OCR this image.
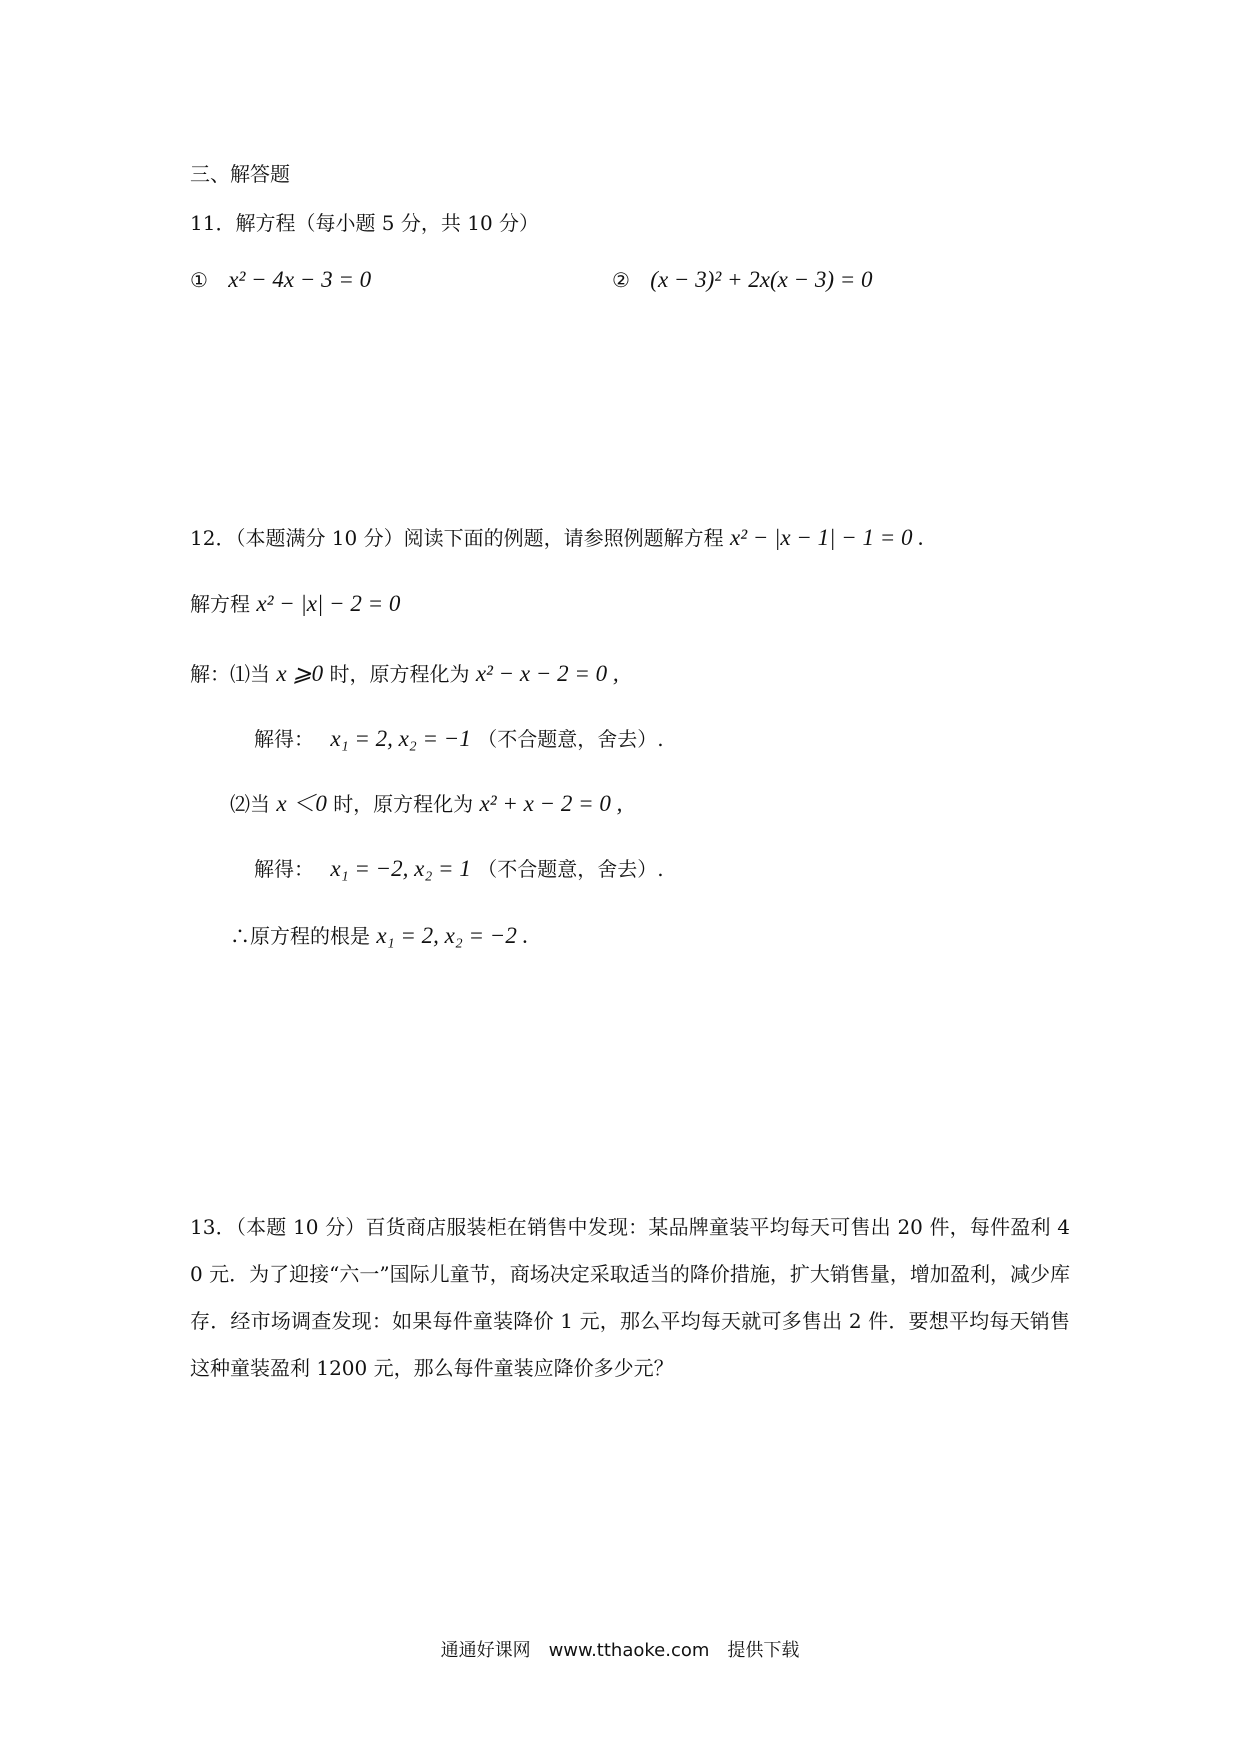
三、解答题
11．解方程（每小题 5 分，共 10 分）
① x² − 4x − 3 = 0	② (x − 3)² + 2x(x − 3) = 0
12．（本题满分 10 分）阅读下面的例题，请参照例题解方程 x² − |x − 1| − 1 = 0 .
解方程 x² − |x| − 2 = 0
解：⑴当 x ⩾0 时，原方程化为 x² − x − 2 = 0 ,
解得： x₁ = 2, x₂ = −1 （不合题意，舍去）.
⑵当 x ＜0 时，原方程化为 x² + x − 2 = 0 ,
解得： x₁ = −2, x₂ = 1 （不合题意，舍去）.
∴原方程的根是 x₁ = 2, x₂ = −2 .
13．（本题 10 分）百货商店服装柜在销售中发现：某品牌童装平均每天可售出 20 件，每件盈利 40 元．为了迎接“六一”国际儿童节，商场决定采取适当的降价措施，扩大销售量，增加盈利，减少库存．经市场调查发现：如果每件童装降价 1 元，那么平均每天就可多售出 2 件．要想平均每天销售这种童装盈利 1200 元，那么每件童装应降价多少元？
通通好课网　www.tthaoke.com　提供下载
